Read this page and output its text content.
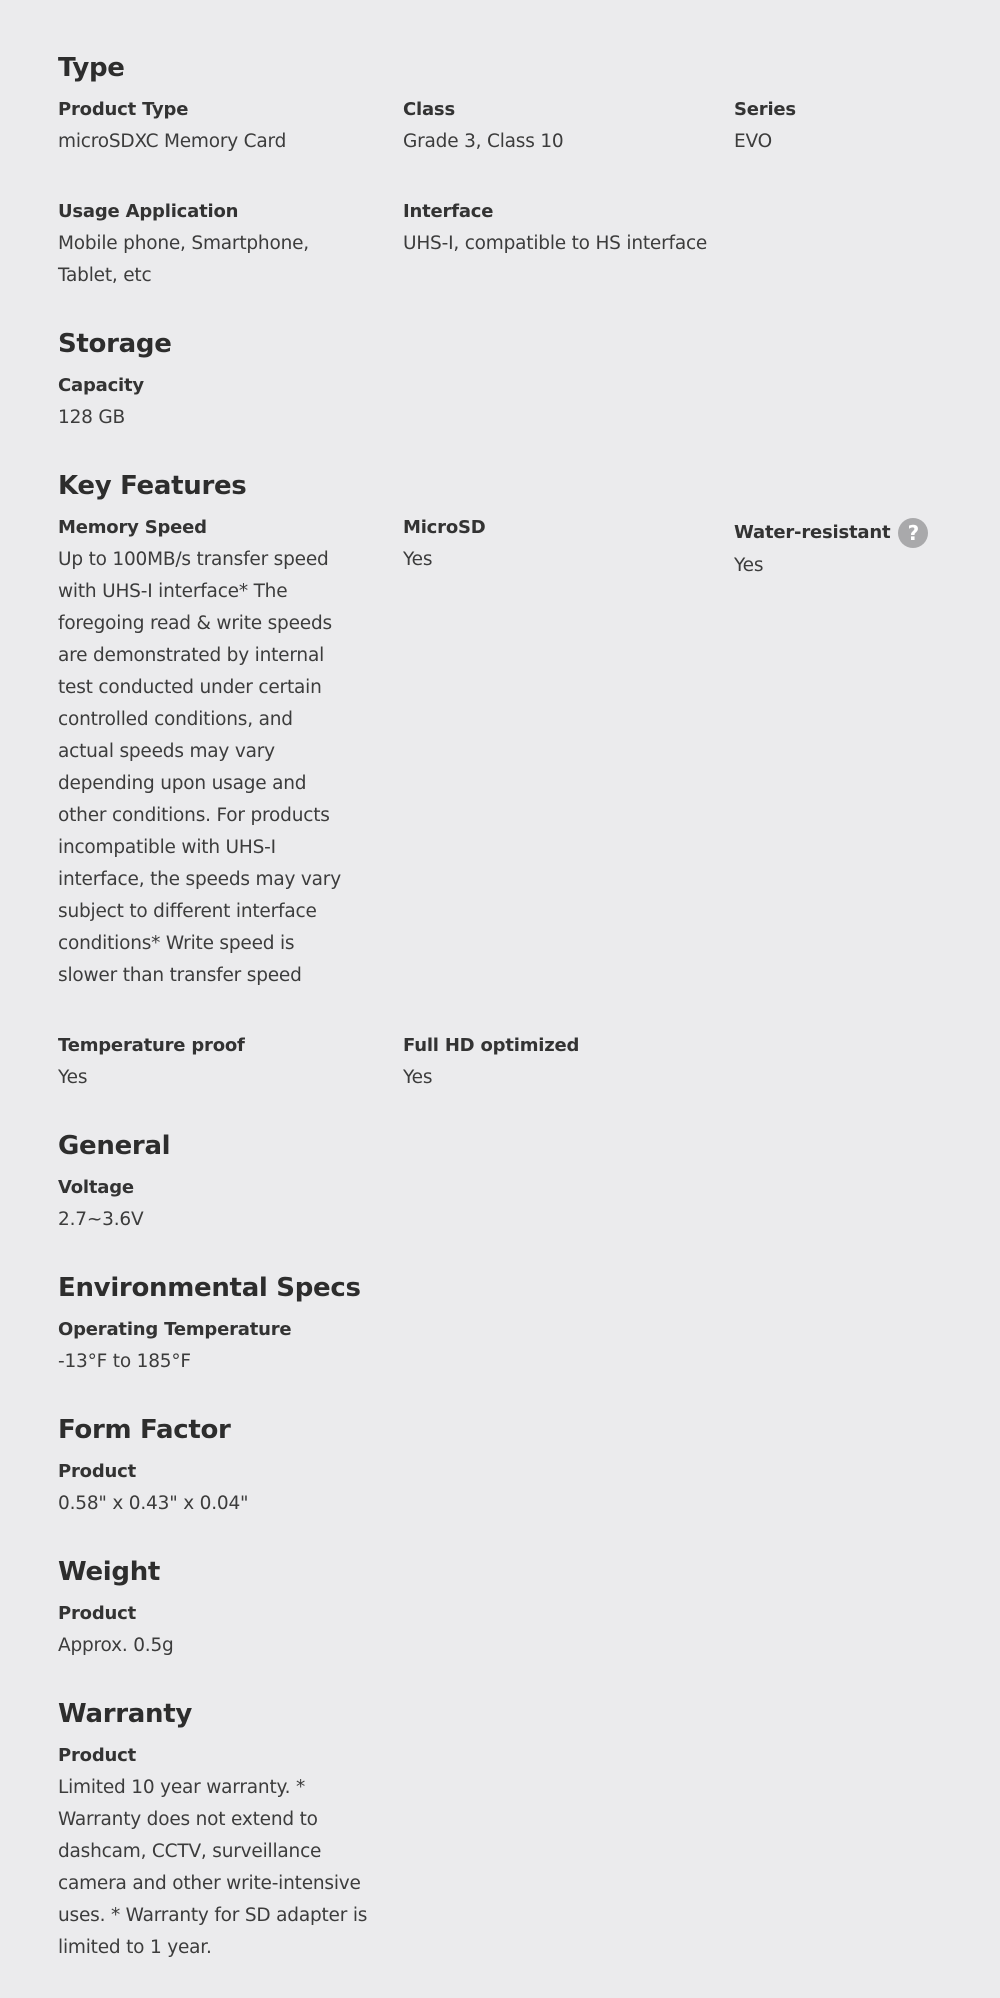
Type
Product Type
microSDXC Memory Card
Class
Grade 3, Class 10
Series
EVO
Usage Application
Mobile phone, Smartphone, Tablet, etc
Interface
UHS-I, compatible to HS interface
Storage
Capacity
128 GB
Key Features
Memory Speed
Up to 100MB/s transfer speed with UHS-I interface* The foregoing read & write speeds are demonstrated by internal test conducted under certain controlled conditions, and actual speeds may vary depending upon usage and other conditions. For products incompatible with UHS-I interface, the speeds may vary subject to different interface conditions* Write speed is slower than transfer speed
MicroSD
Yes
Water-resistant ?
Yes
Temperature proof
Yes
Full HD optimized
Yes
General
Voltage
2.7~3.6V
Environmental Specs
Operating Temperature
-13°F to 185°F
Form Factor
Product
0.58" x 0.43" x 0.04"
Weight
Product
Approx. 0.5g
Warranty
Product
Limited 10 year warranty. * Warranty does not extend to dashcam, CCTV, surveillance camera and other write-intensive uses. * Warranty for SD adapter is limited to 1 year.
